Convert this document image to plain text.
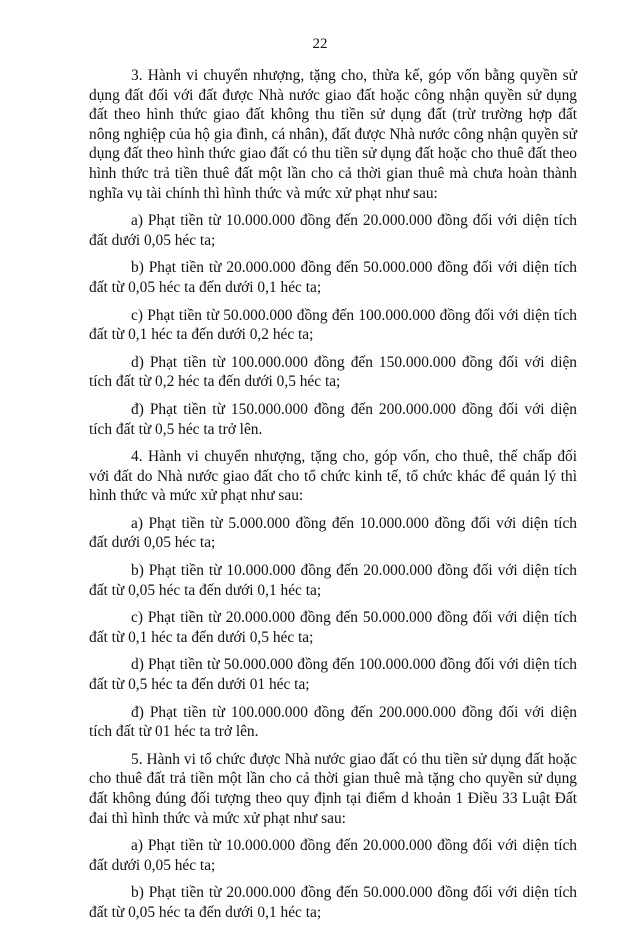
22

3. Hành vi chuyển nhượng, tặng cho, thừa kế, góp vốn bằng quyền sử dụng đất đối với đất được Nhà nước giao đất hoặc công nhận quyền sử dụng đất theo hình thức giao đất không thu tiền sử dụng đất (trừ trường hợp đất nông nghiệp của hộ gia đình, cá nhân), đất được Nhà nước công nhận quyền sử dụng đất theo hình thức giao đất có thu tiền sử dụng đất hoặc cho thuê đất theo hình thức trả tiền thuê đất một lần cho cả thời gian thuê mà chưa hoàn thành nghĩa vụ tài chính thì hình thức và mức xử phạt như sau:

a) Phạt tiền từ 10.000.000 đồng đến 20.000.000 đồng đối với diện tích đất dưới 0,05 héc ta;

b) Phạt tiền từ 20.000.000 đồng đến 50.000.000 đồng đối với diện tích đất từ 0,05 héc ta đến dưới 0,1 héc ta;

c) Phạt tiền từ 50.000.000 đồng đến 100.000.000 đồng đối với diện tích đất từ 0,1 héc ta đến dưới 0,2 héc ta;

d) Phạt tiền từ 100.000.000 đồng đến 150.000.000 đồng đối với diện tích đất từ 0,2 héc ta đến dưới 0,5 héc ta;

đ) Phạt tiền từ 150.000.000 đồng đến 200.000.000 đồng đối với diện tích đất từ 0,5 héc ta trở lên.

4. Hành vi chuyển nhượng, tặng cho, góp vốn, cho thuê, thế chấp đối với đất do Nhà nước giao đất cho tổ chức kinh tế, tổ chức khác để quản lý thì hình thức và mức xử phạt như sau:

a) Phạt tiền từ 5.000.000 đồng đến 10.000.000 đồng đối với diện tích đất dưới 0,05 héc ta;

b) Phạt tiền từ 10.000.000 đồng đến 20.000.000 đồng đối với diện tích đất từ 0,05 héc ta đến dưới 0,1 héc ta;

c) Phạt tiền từ 20.000.000 đồng đến 50.000.000 đồng đối với diện tích đất từ 0,1 héc ta đến dưới 0,5 héc ta;

d) Phạt tiền từ 50.000.000 đồng đến 100.000.000 đồng đối với diện tích đất từ 0,5 héc ta đến dưới 01 héc ta;

đ) Phạt tiền từ 100.000.000 đồng đến 200.000.000 đồng đối với diện tích đất từ 01 héc ta trở lên.

5. Hành vi tổ chức được Nhà nước giao đất có thu tiền sử dụng đất hoặc cho thuê đất trả tiền một lần cho cả thời gian thuê mà tặng cho quyền sử dụng đất không đúng đối tượng theo quy định tại điểm d khoản 1 Điều 33 Luật Đất đai thì hình thức và mức xử phạt như sau:

a) Phạt tiền từ 10.000.000 đồng đến 20.000.000 đồng đối với diện tích đất dưới 0,05 héc ta;

b) Phạt tiền từ 20.000.000 đồng đến 50.000.000 đồng đối với diện tích đất từ 0,05 héc ta đến dưới 0,1 héc ta;
